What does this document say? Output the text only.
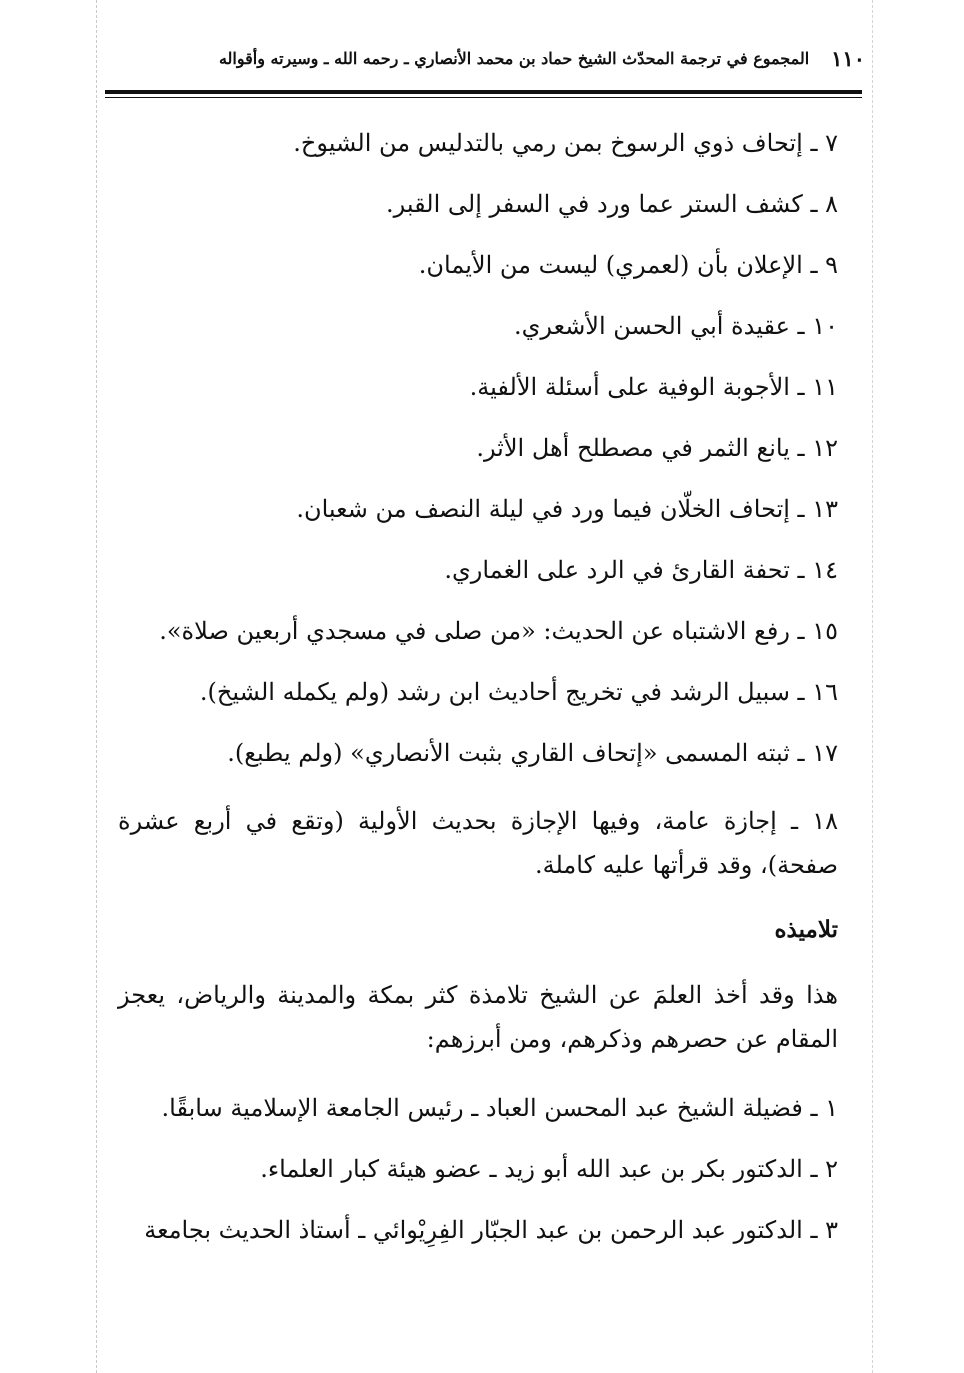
١١٠
المجموع في ترجمة المحدّث الشيخ حماد بن محمد الأنصاري ـ رحمه الله ـ وسيرته وأقواله

٧ ـ إتحاف ذوي الرسوخ بمن رمي بالتدليس من الشيوخ.

٨ ـ كشف الستر عما ورد في السفر إلى القبر.

٩ ـ الإعلان بأن (لعمري) ليست من الأيمان.

١٠ ـ عقيدة أبي الحسن الأشعري.

١١ ـ الأجوبة الوفية على أسئلة الألفية.

١٢ ـ يانع الثمر في مصطلح أهل الأثر.

١٣ ـ إتحاف الخلّان فيما ورد في ليلة النصف من شعبان.

١٤ ـ تحفة القارئ في الرد على الغماري.

١٥ ـ رفع الاشتباه عن الحديث: «من صلى في مسجدي أربعين صلاة».

١٦ ـ سبيل الرشد في تخريج أحاديث ابن رشد (ولم يكمله الشيخ).

١٧ ـ ثبته المسمى «إتحاف القاري بثبت الأنصاري» (ولم يطبع).

١٨ ـ إجازة عامة، وفيها الإجازة بحديث الأولية (وتقع في أربع عشرة صفحة)، وقد قرأتها عليه كاملة.

تلاميذه

هذا وقد أخذ العلمَ عن الشيخ تلامذة كثر بمكة والمدينة والرياض، يعجز المقام عن حصرهم وذكرهم، ومن أبرزهم:

١ ـ فضيلة الشيخ عبد المحسن العباد ـ رئيس الجامعة الإسلامية سابقًا.

٢ ـ الدكتور بكر بن عبد الله أبو زيد ـ عضو هيئة كبار العلماء.

٣ ـ الدكتور عبد الرحمن بن عبد الجبّار الفِرِيْوائي ـ أستاذ الحديث بجامعة
